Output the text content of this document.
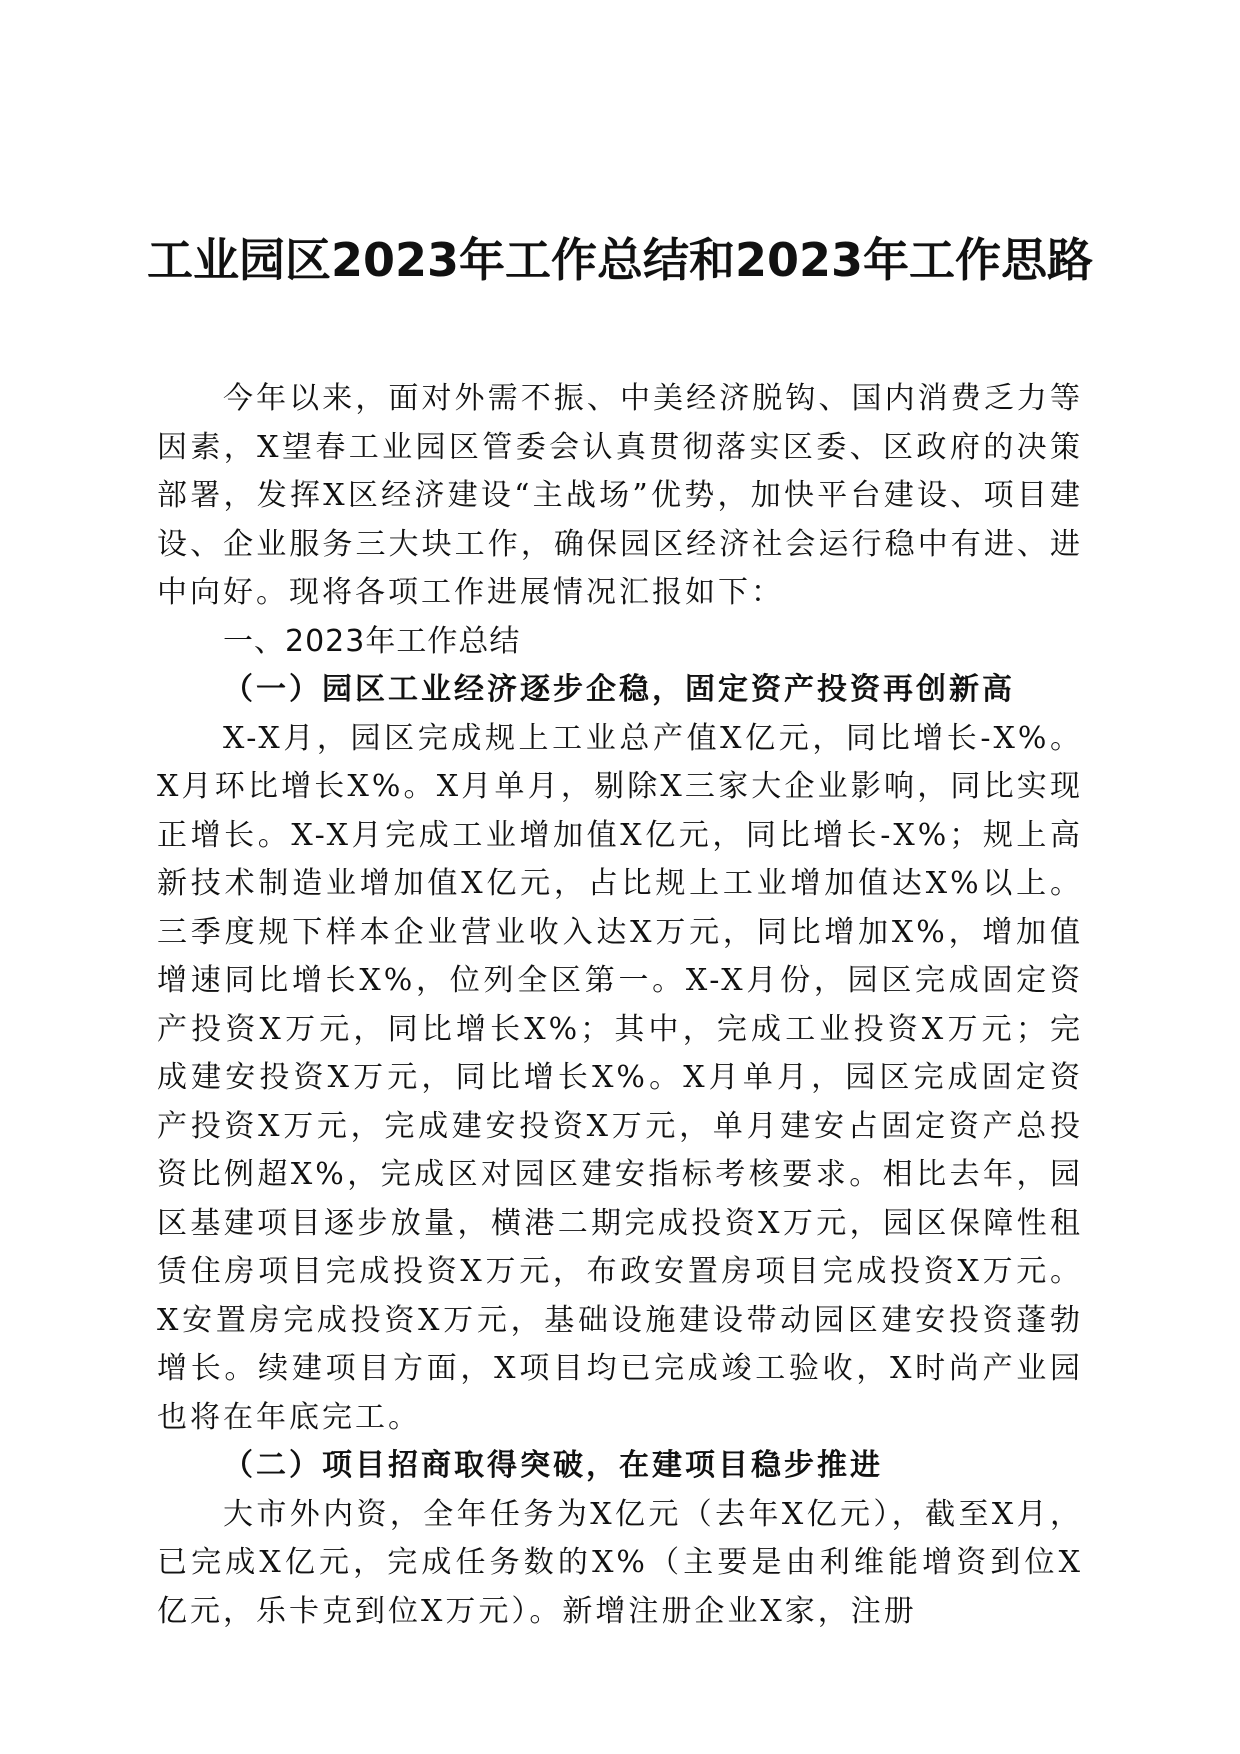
工业园区2023年工作总结和2023年工作思路

今年以来，面对外需不振、中美经济脱钩、国内消费乏力等因素，X望春工业园区管委会认真贯彻落实区委、区政府的决策部署，发挥X区经济建设“主战场”优势，加快平台建设、项目建设、企业服务三大块工作，确保园区经济社会运行稳中有进、进中向好。现将各项工作进展情况汇报如下：

一、2023年工作总结

（一）园区工业经济逐步企稳，固定资产投资再创新高

X-X月，园区完成规上工业总产值X亿元，同比增长-X%。X月环比增长X%。X月单月，剔除X三家大企业影响，同比实现正增长。X-X月完成工业增加值X亿元，同比增长-X%；规上高新技术制造业增加值X亿元，占比规上工业增加值达X%以上。三季度规下样本企业营业收入达X万元，同比增加X%，增加值增速同比增长X%，位列全区第一。X-X月份，园区完成固定资产投资X万元，同比增长X%；其中，完成工业投资X万元；完成建安投资X万元，同比增长X%。X月单月，园区完成固定资产投资X万元，完成建安投资X万元，单月建安占固定资产总投资比例超X%，完成区对园区建安指标考核要求。相比去年，园区基建项目逐步放量，横港二期完成投资X万元，园区保障性租赁住房项目完成投资X万元，布政安置房项目完成投资X万元。X安置房完成投资X万元，基础设施建设带动园区建安投资蓬勃增长。续建项目方面，X项目均已完成竣工验收，X时尚产业园也将在年底完工。

（二）项目招商取得突破，在建项目稳步推进

大市外内资，全年任务为X亿元（去年X亿元），截至X月，已完成X亿元，完成任务数的X%（主要是由利维能增资到位X亿元，乐卡克到位X万元）。新增注册企业X家，注册
